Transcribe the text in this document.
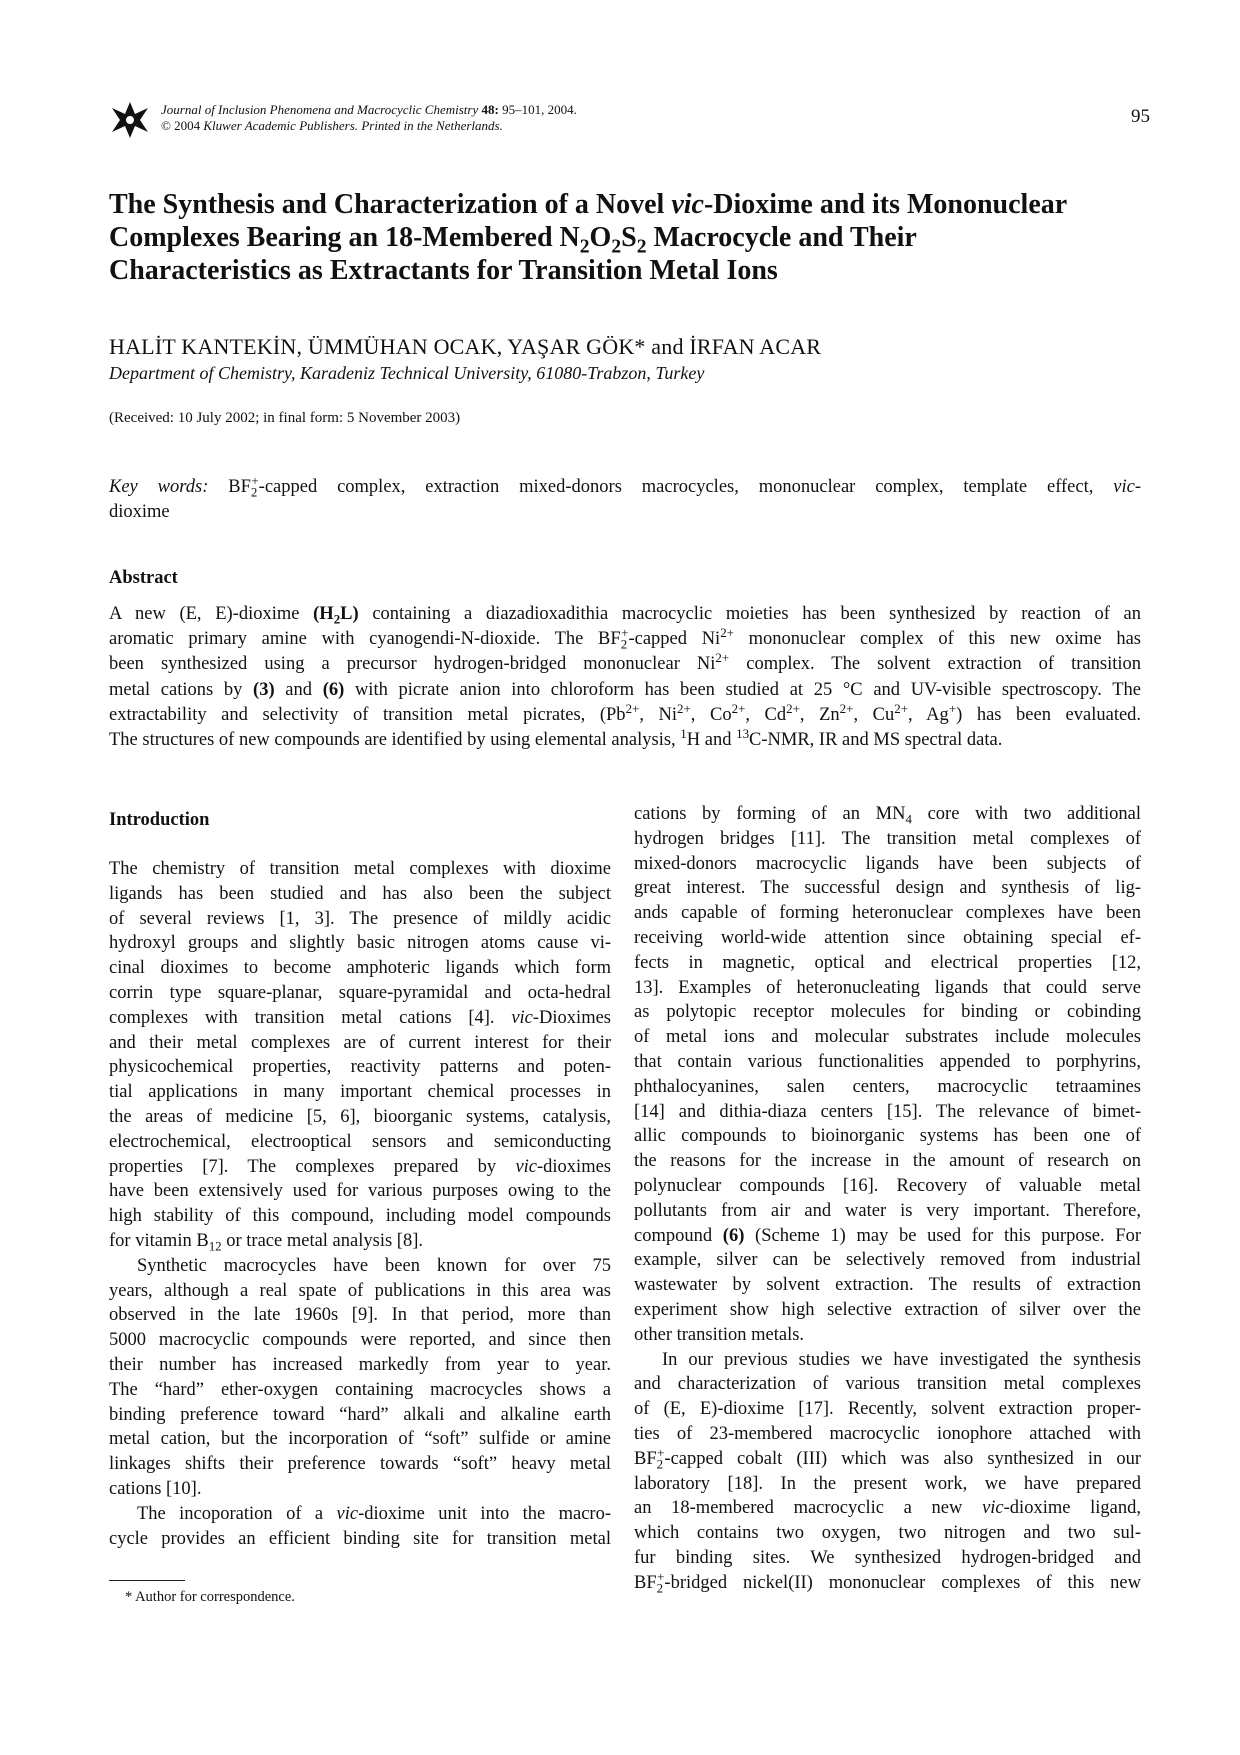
Journal of Inclusion Phenomena and Macrocyclic Chemistry 48: 95–101, 2004.
© 2004 Kluwer Academic Publishers. Printed in the Netherlands.	95

The Synthesis and Characterization of a Novel vic-Dioxime and its Mononuclear

Complexes Bearing an 18-Membered $N_2O_2S_2$ Macrocycle and Their

Characteristics as Extractants for Transition Metal Ions

HALİT KANTEKİN, ÜMMÜHAN OCAK, YAŞAR GÖK* and İRFAN ACAR
Department of Chemistry, Karadeniz Technical University, 61080-Trabzon, Turkey
(Received: 10 July 2002; in final form: 5 November 2003)

Key words: $BF_2^+$-capped complex, extraction mixed-donors macrocycles, mononuclear complex, template effect, vic-

dioxime

Abstract

A new (E, E)-dioxime $(H_2L)$ containing a diazadioxadithia macrocyclic moieties has been synthesized by reaction of an

aromatic primary amine with cyanogendi-N-dioxide. The $BF_2^+$-capped $Ni^{2+}$ mononuclear complex of this new oxime has

been synthesized using a precursor hydrogen-bridged mononuclear $Ni^{2+}$ complex. The solvent extraction of transition

metal cations by (3) and (6) with picrate anion into chloroform has been studied at 25 °C and UV-visible spectroscopy. The

extractability and selectivity of transition metal picrates, ($Pb^{2+}$, $Ni^{2+}$, $Co^{2+}$, $Cd^{2+}$, $Zn^{2+}$, $Cu^{2+}$, Ag+) has been evaluated.

The structures of new compounds are identified by using elemental analysis, $^1$H and $^{13}$C-NMR, IR and MS spectral data.

Introduction

The chemistry of transition metal complexes with dioxime

ligands has been studied and has also been the subject

of several reviews [1, 3]. The presence of mildly acidic

hydroxyl groups and slightly basic nitrogen atoms cause vi-

cinal dioximes to become amphoteric ligands which form

corrin type square-planar, square-pyramidal and octa-hedral

complexes with transition metal cations [4]. vic-Dioximes

and their metal complexes are of current interest for their

physicochemical properties, reactivity patterns and poten-

tial applications in many important chemical processes in

the areas of medicine [5, 6], bioorganic systems, catalysis,

electrochemical, electrooptical sensors and semiconducting

properties [7]. The complexes prepared by vic-dioximes

have been extensively used for various purposes owing to the

high stability of this compound, including model compounds

for vitamin $B_{12}$ or trace metal analysis [8].

Synthetic macrocycles have been known for over 75

years, although a real spate of publications in this area was

observed in the late 1960s [9]. In that period, more than

5000 macrocyclic compounds were reported, and since then

their number has increased markedly from year to year.

The “hard” ether-oxygen containing macrocycles shows a

binding preference toward “hard” alkali and alkaline earth

metal cation, but the incorporation of “soft” sulfide or amine

linkages shifts their preference towards “soft” heavy metal

cations [10].

The incoporation of a vic-dioxime unit into the macro-

cycle provides an efficient binding site for transition metal

cations by forming of an $MN_4$ core with two additional

hydrogen bridges [11]. The transition metal complexes of

mixed-donors macrocyclic ligands have been subjects of

great interest. The successful design and synthesis of lig-

ands capable of forming heteronuclear complexes have been

receiving world-wide attention since obtaining special ef-

fects in magnetic, optical and electrical properties [12,

13]. Examples of heteronucleating ligands that could serve

as polytopic receptor molecules for binding or cobinding

of metal ions and molecular substrates include molecules

that contain various functionalities appended to porphyrins,

phthalocyanines, salen centers, macrocyclic tetraamines

[14] and dithia-diaza centers [15]. The relevance of bimet-

allic compounds to bioinorganic systems has been one of

the reasons for the increase in the amount of research on

polynuclear compounds [16]. Recovery of valuable metal

pollutants from air and water is very important. Therefore,

compound (6) (Scheme 1) may be used for this purpose. For

example, silver can be selectively removed from industrial

wastewater by solvent extraction. The results of extraction

experiment show high selective extraction of silver over the

other transition metals.

In our previous studies we have investigated the synthesis

and characterization of various transition metal complexes

of (E, E)-dioxime [17]. Recently, solvent extraction proper-

ties of 23-membered macrocyclic ionophore attached with

$BF_2^+$-capped cobalt (III) which was also synthesized in our

laboratory [18]. In the present work, we have prepared

an 18-membered macrocyclic a new vic-dioxime ligand,

which contains two oxygen, two nitrogen and two sul-

fur binding sites. We synthesized hydrogen-bridged and

$BF_2^+$-bridged nickel(II) mononuclear complexes of this new

* Author for correspondence.
